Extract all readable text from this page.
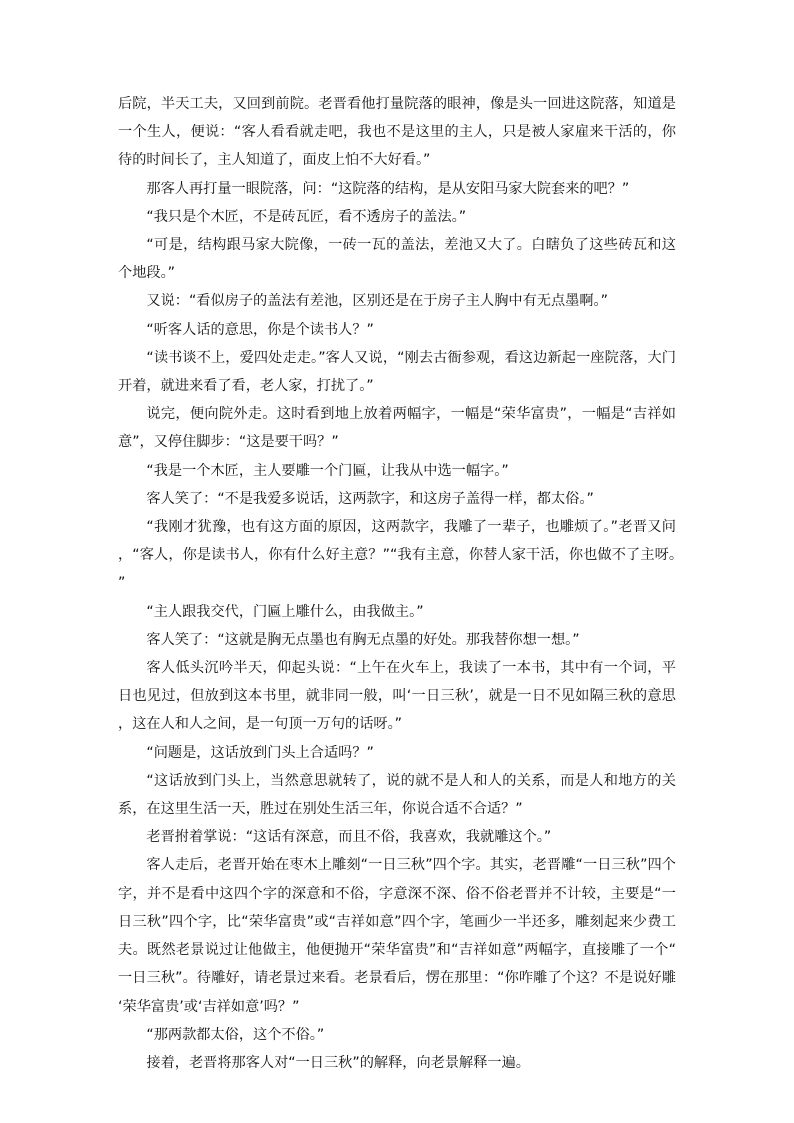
后院，半天工夫，又回到前院。老晋看他打量院落的眼神，像是头一回进这院落，知道是一个生人，便说：“客人看看就走吧，我也不是这里的主人，只是被人家雇来干活的，你待的时间长了，主人知道了，面皮上怕不大好看。”

那客人再打量一眼院落，问：“这院落的结构，是从安阳马家大院套来的吧？”

“我只是个木匠，不是砖瓦匠，看不透房子的盖法。”

“可是，结构跟马家大院像，一砖一瓦的盖法，差池又大了。白瞎负了这些砖瓦和这个地段。”

又说：“看似房子的盖法有差池，区别还是在于房子主人胸中有无点墨啊。”

“听客人话的意思，你是个读书人？”

“读书谈不上，爱四处走走。”客人又说，“刚去古衙参观，看这边新起一座院落，大门开着，就进来看了看，老人家，打扰了。”

说完，便向院外走。这时看到地上放着两幅字，一幅是“荣华富贵”，一幅是“吉祥如意”，又停住脚步：“这是要干吗？”

“我是一个木匠，主人要雕一个门匾，让我从中选一幅字。”

客人笑了：“不是我爱多说话，这两款字，和这房子盖得一样，都太俗。”

“我刚才犹豫，也有这方面的原因，这两款字，我雕了一辈子，也雕烦了。”老晋又问，“客人，你是读书人，你有什么好主意？”“我有主意，你替人家干活，你也做不了主呀。”

“主人跟我交代，门匾上雕什么，由我做主。”

客人笑了：“这就是胸无点墨也有胸无点墨的好处。那我替你想一想。”

客人低头沉吟半天，仰起头说：“上午在火车上，我读了一本书，其中有一个词，平日也见过，但放到这本书里，就非同一般，叫‘一日三秋’，就是一日不见如隔三秋的意思，这在人和人之间，是一句顶一万句的话呀。”

“问题是，这话放到门头上合适吗？”

“这话放到门头上，当然意思就转了，说的就不是人和人的关系，而是人和地方的关系，在这里生活一天，胜过在别处生活三年，你说合适不合适？”

老晋拊着掌说：“这话有深意，而且不俗，我喜欢，我就雕这个。”

客人走后，老晋开始在枣木上雕刻“一日三秋”四个字。其实，老晋雕“一日三秋”四个字，并不是看中这四个字的深意和不俗，字意深不深、俗不俗老晋并不计较，主要是“一日三秋”四个字，比“荣华富贵”或“吉祥如意”四个字，笔画少一半还多，雕刻起来少费工夫。既然老景说过让他做主，他便抛开“荣华富贵”和“吉祥如意”两幅字，直接雕了一个“一日三秋”。待雕好，请老景过来看。老景看后，愣在那里：“你咋雕了个这？不是说好雕‘荣华富贵’或‘吉祥如意’吗？”

“那两款都太俗，这个不俗。”

接着，老晋将那客人对“一日三秋”的解释，向老景解释一遍。
